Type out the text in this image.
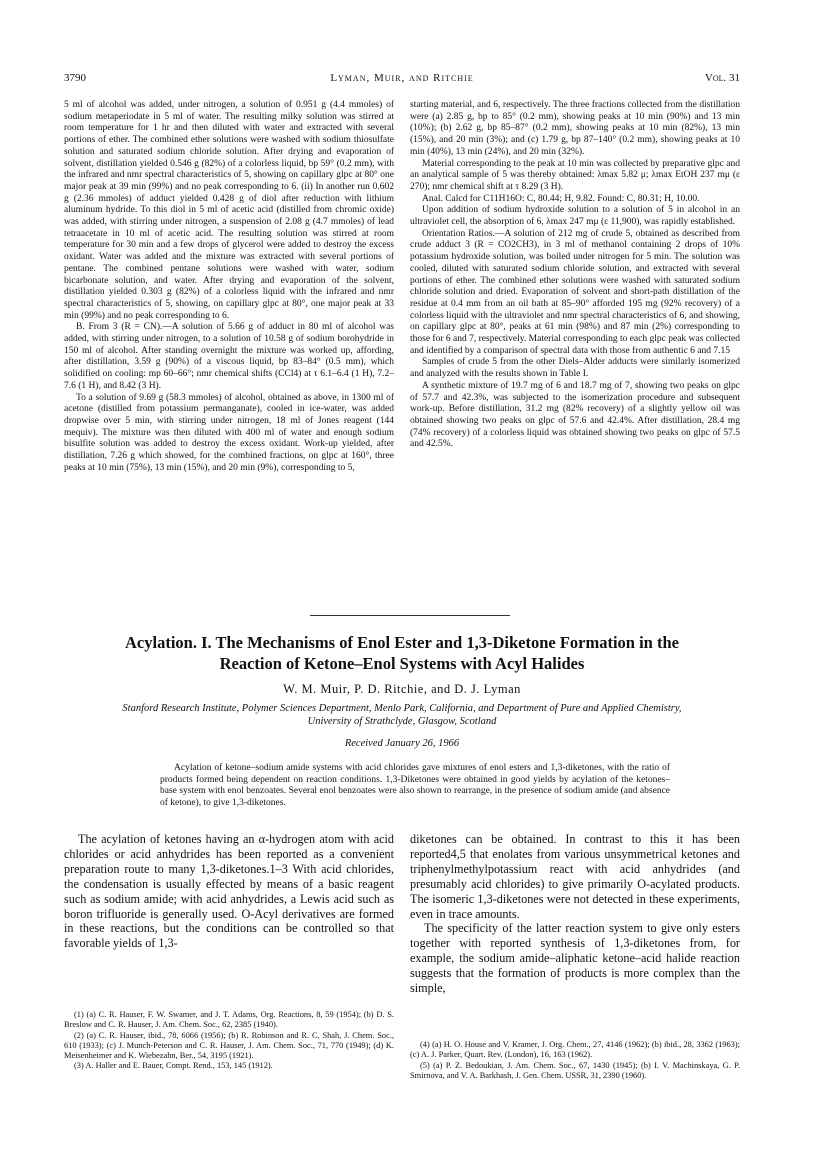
3790	Lyman, Muir, and Ritchie	Vol. 31

5 ml of alcohol was added, under nitrogen, a solution of 0.951 g (4.4 mmoles) of sodium metaperiodate in 5 ml of water. The resulting milky solution was stirred at room temperature for 1 hr and then diluted with water and extracted with several portions of ether. The combined ether solutions were washed with sodium thiosulfate solution and saturated sodium chloride solution. After drying and evaporation of solvent, distillation yielded 0.546 g (82%) of a colorless liquid, bp 59° (0.2 mm), with the infrared and nmr spectral characteristics of 5, showing on capillary glpc at 80° one major peak at 39 min (99%) and no peak corresponding to 6. (ii) In another run 0.602 g (2.36 mmoles) of adduct yielded 0.428 g of diol after reduction with lithium aluminum hydride. To this diol in 5 ml of acetic acid (distilled from chromic oxide) was added, with stirring under nitrogen, a suspension of 2.08 g (4.7 mmoles) of lead tetraacetate in 10 ml of acetic acid. The resulting solution was stirred at room temperature for 30 min and a few drops of glycerol were added to destroy the excess oxidant. Water was added and the mixture was extracted with several portions of pentane. The combined pentane solutions were washed with water, sodium bicarbonate solution, and water. After drying and evaporation of the solvent, distillation yielded 0.303 g (82%) of a colorless liquid with the infrared and nmr spectral characteristics of 5, showing, on capillary glpc at 80°, one major peak at 33 min (99%) and no peak corresponding to 6.

B. From 3 (R = CN).—A solution of 5.66 g of adduct in 80 ml of alcohol was added, with stirring under nitrogen, to a solution of 10.58 g of sodium borohydride in 150 ml of alcohol. After standing overnight the mixture was worked up, affording, after distillation, 3.59 g (90%) of a viscous liquid, bp 83–84° (0.5 mm), which solidified on cooling: mp 60–66°; nmr chemical shifts (CCl4) at τ 6.1–6.4 (1 H), 7.2–7.6 (1 H), and 8.42 (3 H).

To a solution of 9.69 g (58.3 mmoles) of alcohol, obtained as above, in 1300 ml of acetone (distilled from potassium permanganate), cooled in ice-water, was added dropwise over 5 min, with stirring under nitrogen, 18 ml of Jones reagent (144 mequiv). The mixture was then diluted with 400 ml of water and enough sodium bisulfite solution was added to destroy the excess oxidant. Work-up yielded, after distillation, 7.26 g which showed, for the combined fractions, on glpc at 160°, three peaks at 10 min (75%), 13 min (15%), and 20 min (9%), corresponding to 5,

starting material, and 6, respectively. The three fractions collected from the distillation were (a) 2.85 g, bp to 85° (0.2 mm), showing peaks at 10 min (90%) and 13 min (10%); (b) 2.62 g, bp 85–87° (0.2 mm), showing peaks at 10 min (82%), 13 min (15%), and 20 min (3%); and (c) 1.79 g, bp 87–140° (0.2 mm), showing peaks at 10 min (40%), 13 min (24%), and 20 min (32%).

Material corresponding to the peak at 10 min was collected by preparative glpc and an analytical sample of 5 was thereby obtained: λmax 5.82 μ; λmax EtOH 237 mμ (ε 270); nmr chemical shift at τ 8.29 (3 H).

Anal. Calcd for C11H16O: C, 80.44; H, 9.82. Found: C, 80.31; H, 10.00.

Upon addition of sodium hydroxide solution to a solution of 5 in alcohol in an ultraviolet cell, the absorption of 6, λmax 247 mμ (ε 11,900), was rapidly established.

Orientation Ratios.—A solution of 212 mg of crude 5, obtained as described from crude adduct 3 (R = CO2CH3), in 3 ml of methanol containing 2 drops of 10% potassium hydroxide solution, was boiled under nitrogen for 5 min. The solution was cooled, diluted with saturated sodium chloride solution, and extracted with several portions of ether. The combined ether solutions were washed with saturated sodium chloride solution and dried. Evaporation of solvent and short-path distillation of the residue at 0.4 mm from an oil bath at 85–90° afforded 195 mg (92% recovery) of a colorless liquid with the ultraviolet and nmr spectral characteristics of 6, and showing, on capillary glpc at 80°, peaks at 61 min (98%) and 87 min (2%) corresponding to those for 6 and 7, respectively. Material corresponding to each glpc peak was collected and identified by a comparison of spectral data with those from authentic 6 and 7.15

Samples of crude 5 from the other Diels–Alder adducts were similarly isomerized and analyzed with the results shown in Table I.

A synthetic mixture of 19.7 mg of 6 and 18.7 mg of 7, showing two peaks on glpc of 57.7 and 42.3%, was subjected to the isomerization procedure and subsequent work-up. Before distillation, 31.2 mg (82% recovery) of a slightly yellow oil was obtained showing two peaks on glpc of 57.6 and 42.4%. After distillation, 28.4 mg (74% recovery) of a colorless liquid was obtained showing two peaks on glpc of 57.5 and 42.5%.

Acylation. I. The Mechanisms of Enol Ester and 1,3-Diketone Formation in the
Reaction of Ketone–Enol Systems with Acyl Halides
W. M. Muir, P. D. Ritchie, and D. J. Lyman
Stanford Research Institute, Polymer Sciences Department, Menlo Park, California, and Department of Pure and Applied Chemistry,
University of Strathclyde, Glasgow, Scotland
Received January 26, 1966
Acylation of ketone–sodium amide systems with acid chlorides gave mixtures of enol esters and 1,3-diketones, with the ratio of products formed being dependent on reaction conditions. 1,3-Diketones were obtained in good yields by acylation of the ketones–base system with enol benzoates. Several enol benzoates were also shown to rearrange, in the presence of sodium amide (and absence of ketone), to give 1,3-diketones.

The acylation of ketones having an α-hydrogen atom with acid chlorides or acid anhydrides has been reported as a convenient preparation route to many 1,3-diketones.1–3 With acid chlorides, the condensation is usually effected by means of a basic reagent such as sodium amide; with acid anhydrides, a Lewis acid such as boron trifluoride is generally used. O-Acyl derivatives are formed in these reactions, but the conditions can be controlled so that favorable yields of 1,3-

diketones can be obtained. In contrast to this it has been reported4,5 that enolates from various unsymmetrical ketones and triphenylmethylpotassium react with acid anhydrides (and presumably acid chlorides) to give primarily O-acylated products. The isomeric 1,3-diketones were not detected in these experiments, even in trace amounts.

The specificity of the latter reaction system to give only esters together with reported synthesis of 1,3-diketones from, for example, the sodium amide–aliphatic ketone–acid halide reaction suggests that the formation of products is more complex than the simple,

(1) (a) C. R. Hauser, F. W. Swamer, and J. T. Adams, Org. Reactions, 8, 59 (1954); (b) D. S. Breslow and C. R. Hauser, J. Am. Chem. Soc., 62, 2385 (1940).

(2) (a) C. R. Hauser, ibid., 78, 6066 (1956); (b) R. Robinson and R. C. Shah, J. Chem. Soc., 610 (1933); (c) J. Munch-Peterson and C. R. Hauser, J. Am. Chem. Soc., 71, 770 (1949); (d) K. Meisenheimer and K. Wiebezahn, Ber., 54, 3195 (1921).

(3) A. Haller and E. Bauer, Compt. Rend., 153, 145 (1912).

(4) (a) H. O. House and V. Kramer, J. Org. Chem., 27, 4146 (1962); (b) ibid., 28, 3362 (1963); (c) A. J. Parker, Quart. Rev. (London), 16, 163 (1962).

(5) (a) P. Z. Bedoukian, J. Am. Chem. Soc., 67, 1430 (1945); (b) I. V. Machinskaya, G. P. Smirnova, and V. A. Barkhash, J. Gen. Chem. USSR, 31, 2390 (1960).
